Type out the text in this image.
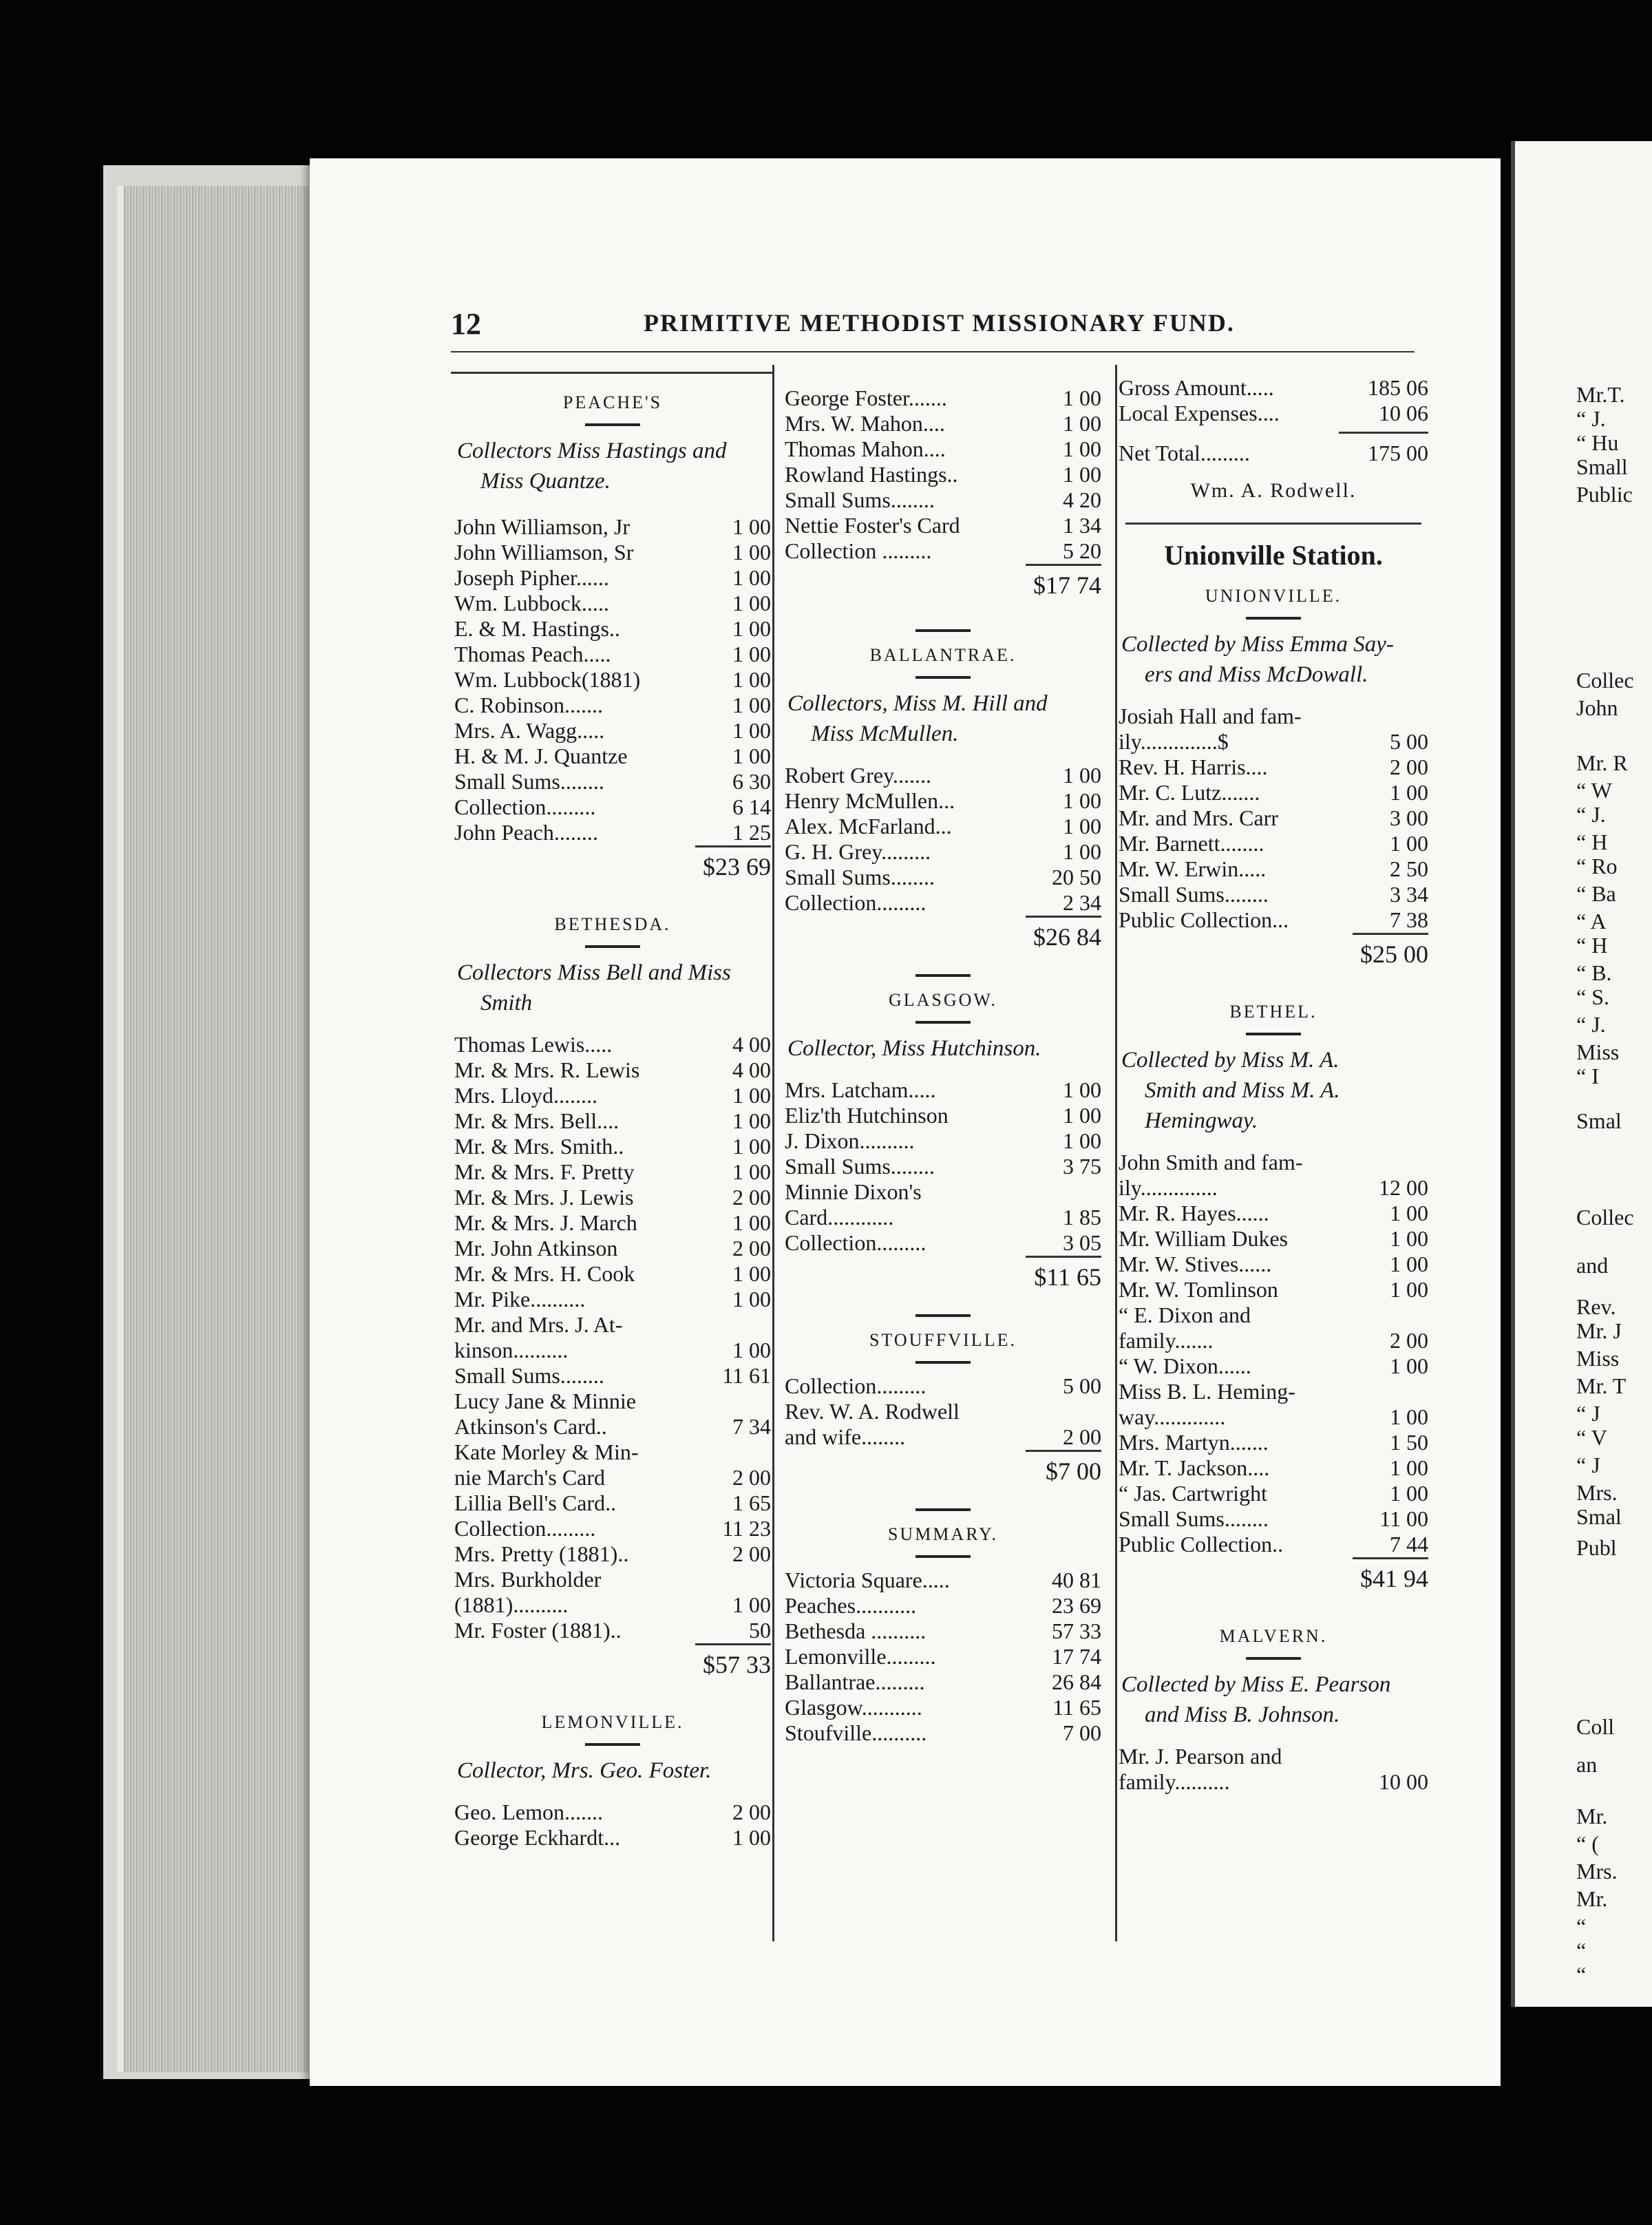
12	PRIMITIVE METHODIST MISSIONARY FUND.
PEACHE'S
Collectors Miss Hastings and
Miss Quantze.
John Williamson, Jr	1 00
John Williamson, Sr	1 00
Joseph Pipher......	1 00
Wm. Lubbock.....	1 00
E. & M. Hastings..	1 00
Thomas Peach.....	1 00
Wm. Lubbock(1881)	1 00
C. Robinson.......	1 00
Mrs. A. Wagg.....	1 00
H. & M. J. Quantze	1 00
Small Sums........	6 30
Collection.........	6 14
John Peach........	1 25
$23 69
BETHESDA.
Collectors Miss Bell and Miss
Smith
Thomas Lewis.....	4 00
Mr. & Mrs. R. Lewis	4 00
Mrs. Lloyd........	1 00
Mr. & Mrs. Bell....	1 00
Mr. & Mrs. Smith..	1 00
Mr. & Mrs. F. Pretty	1 00
Mr. & Mrs. J. Lewis	2 00
Mr. & Mrs. J. March	1 00
Mr. John Atkinson	2 00
Mr. & Mrs. H. Cook	1 00
Mr. Pike..........	1 00
Mr. and Mrs. J. At-
kinson..........	1 00
Small Sums........	11 61
Lucy Jane & Minnie
Atkinson's Card..	7 34
Kate Morley & Min-
nie March's Card	2 00
Lillia Bell's Card..	1 65
Collection.........	11 23
Mrs. Pretty (1881)..	2 00
Mrs. Burkholder
(1881)..........	1 00
Mr. Foster (1881)..	50
$57 33
LEMONVILLE.
Collector, Mrs. Geo. Foster.
Geo. Lemon.......	2 00
George Eckhardt...	1 00
George Foster.......	1 00
Mrs. W. Mahon....	1 00
Thomas Mahon....	1 00
Rowland Hastings..	1 00
Small Sums........	4 20
Nettie Foster's Card	1 34
Collection .........	5 20
$17 74
BALLANTRAE.
Collectors, Miss M. Hill and
Miss McMullen.
Robert Grey.......	1 00
Henry McMullen...	1 00
Alex. McFarland...	1 00
G. H. Grey.........	1 00
Small Sums........	20 50
Collection.........	2 34
$26 84
GLASGOW.
Collector, Miss Hutchinson.
Mrs. Latcham.....	1 00
Eliz'th Hutchinson	1 00
J. Dixon..........	1 00
Small Sums........	3 75
Minnie Dixon's
Card............	1 85
Collection.........	3 05
$11 65
STOUFFVILLE.
Collection.........	5 00
Rev. W. A. Rodwell
and wife........	2 00
$7 00
SUMMARY.
Victoria Square.....	40 81
Peaches...........	23 69
Bethesda ..........	57 33
Lemonville.........	17 74
Ballantrae.........	26 84
Glasgow...........	11 65
Stoufville..........	7 00
Gross Amount.....	185 06
Local Expenses....	10 06
Net Total.........	175 00
Wm. A. Rodwell.
Unionville Station.
UNIONVILLE.
Collected by Miss Emma Say-
ers and Miss McDowall.
Josiah Hall and fam-
ily..............$	5 00
Rev. H. Harris....	2 00
Mr. C. Lutz.......	1 00
Mr. and Mrs. Carr	3 00
Mr. Barnett........	1 00
Mr. W. Erwin.....	2 50
Small Sums........	3 34
Public Collection...	7 38
$25 00
BETHEL.
Collected by Miss M. A.
Smith and Miss M. A.
Hemingway.
John Smith and fam-
ily..............	12 00
Mr. R. Hayes......	1 00
Mr. William Dukes	1 00
Mr. W. Stives......	1 00
Mr. W. Tomlinson	1 00
“ E. Dixon and
family.......	2 00
“ W. Dixon......	1 00
Miss B. L. Heming-
way.............	1 00
Mrs. Martyn.......	1 50
Mr. T. Jackson....	1 00
“ Jas. Cartwright	1 00
Small Sums........	11 00
Public Collection..	7 44
$41 94
MALVERN.
Collected by Miss E. Pearson
and Miss B. Johnson.
Mr. J. Pearson and
family..........	10 00
Mr.T.
“ J.
“ Hu
Small
Public
Collec
John
Mr. R
“ W
“ J.
“ H
“ Ro
“ Ba
“ A
“ H
“ B.
“ S.
“ J.
Miss
“ I
Smal
Collec
and
Rev.
Mr. J
Miss
Mr. T
“ J
“ V
“ J
Mrs.
Smal
Publ
Coll
an
Mr.
“ (
Mrs.
Mr.
“
“
“
